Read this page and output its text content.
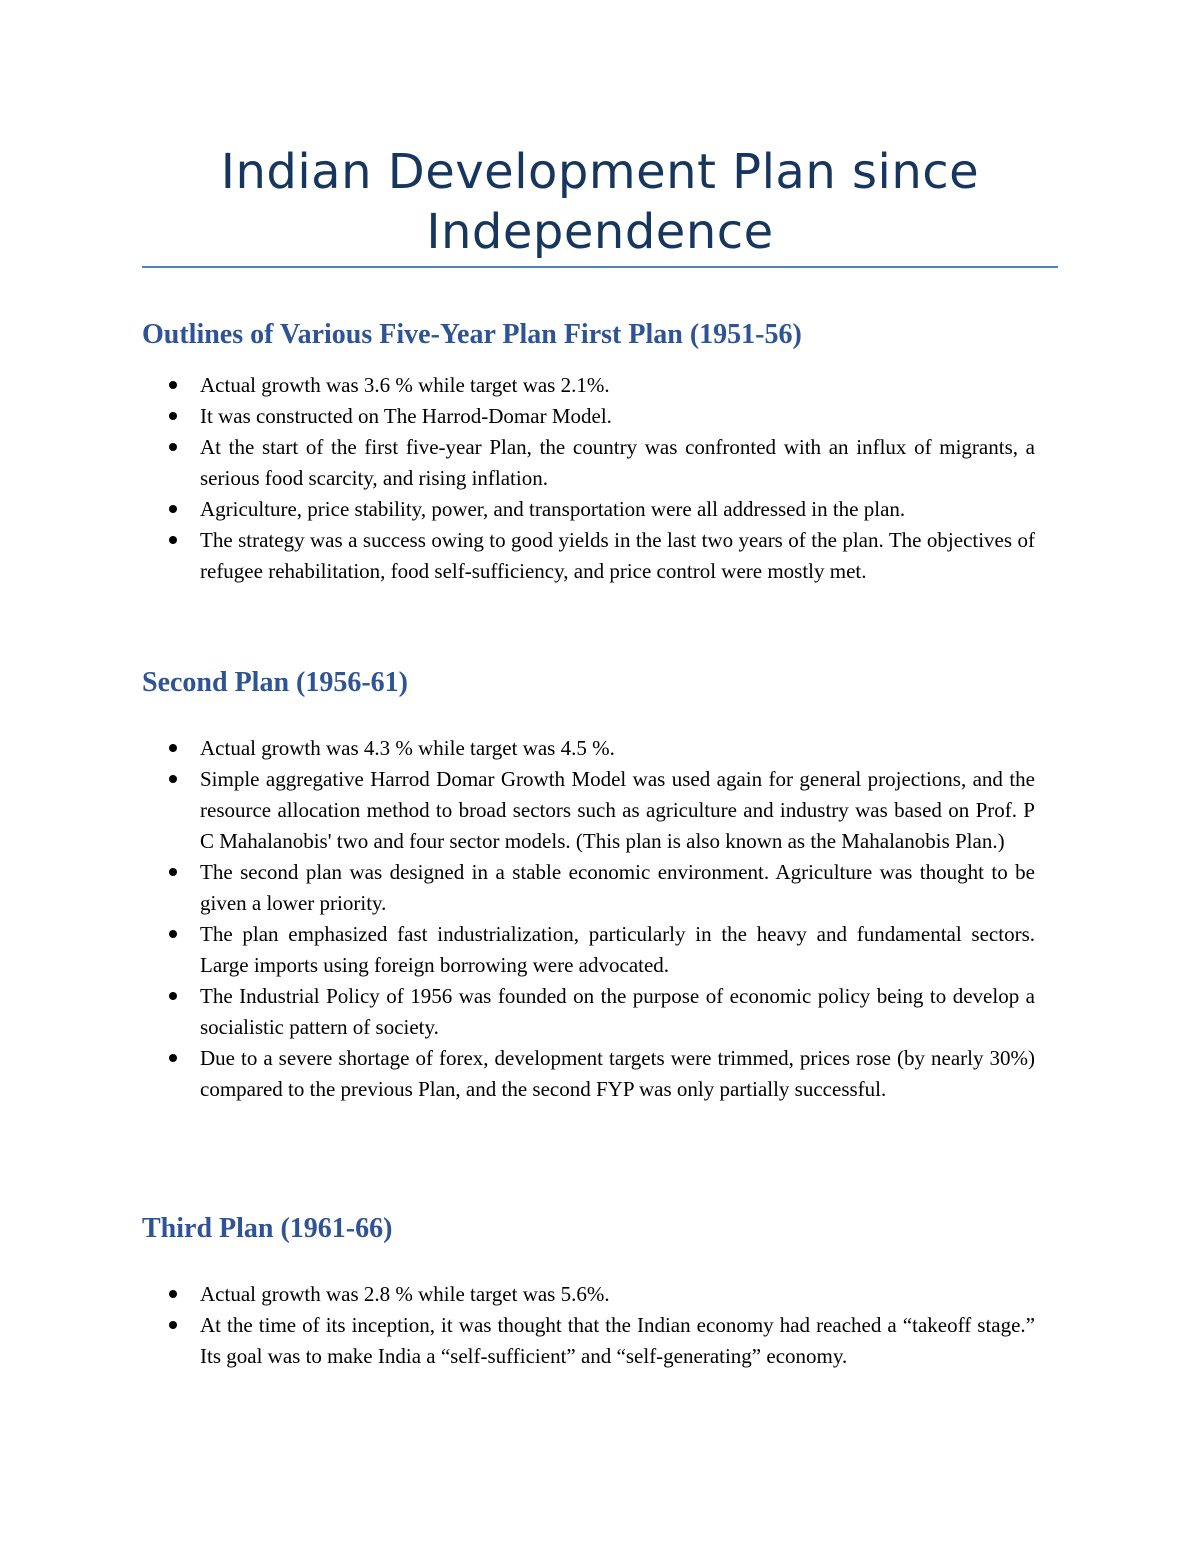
Indian Development Plan since
Independence
Outlines of Various Five-Year Plan First Plan (1951-56)
Actual growth was 3.6 % while target was 2.1%.
It was constructed on The Harrod-Domar Model.
At the start of the first five-year Plan, the country was confronted with an influx of migrants, a serious food scarcity, and rising inflation.
Agriculture, price stability, power, and transportation were all addressed in the plan.
The strategy was a success owing to good yields in the last two years of the plan. The objectives of refugee rehabilitation, food self-sufficiency, and price control were mostly met.
Second Plan (1956-61)
Actual growth was 4.3 % while target was 4.5 %.
Simple aggregative Harrod Domar Growth Model was used again for general projections, and the resource allocation method to broad sectors such as agriculture and industry was based on Prof. P C Mahalanobis' two and four sector models. (This plan is also known as the Mahalanobis Plan.)
The second plan was designed in a stable economic environment. Agriculture was thought to be given a lower priority.
The plan emphasized fast industrialization, particularly in the heavy and fundamental sectors. Large imports using foreign borrowing were advocated.
The Industrial Policy of 1956 was founded on the purpose of economic policy being to develop a socialistic pattern of society.
Due to a severe shortage of forex, development targets were trimmed, prices rose (by nearly 30%) compared to the previous Plan, and the second FYP was only partially successful.
Third Plan (1961-66)
Actual growth was 2.8 % while target was 5.6%.
At the time of its inception, it was thought that the Indian economy had reached a “takeoff stage.” Its goal was to make India a “self-sufficient” and “self-generating” economy.
